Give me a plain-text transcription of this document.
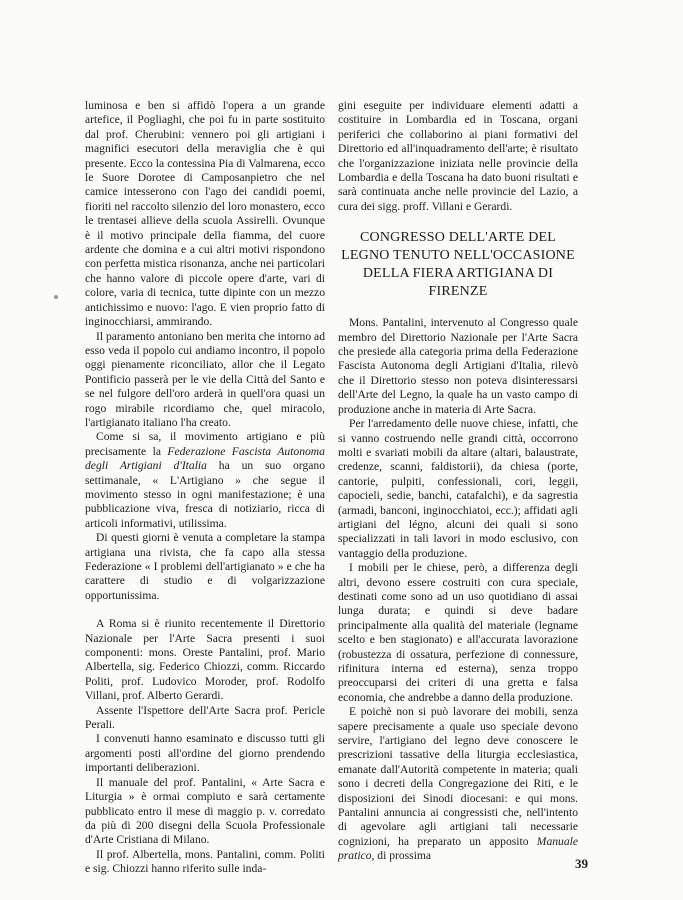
luminosa e ben si affidò l'opera a un grande artefice, il Pogliaghi, che poi fu in parte sostituito dal prof. Cherubini: vennero poi gli artigiani i magnifici esecutori della meraviglia che è qui presente. Ecco la contessina Pia di Valmarena, ecco le Suore Dorotee di Camposanpietro che nel camice intesserono con l'ago dei candidi poemi, fioriti nel raccolto silenzio del loro monastero, ecco le trentasei allieve della scuola Assirelli. Ovunque è il motivo principale della fiamma, del cuore ardente che domina e a cui altri motivi rispondono con perfetta mistica risonanza, anche nei particolari che hanno valore di piccole opere d'arte, vari di colore, varia di tecnica, tutte dipinte con un mezzo antichissimo e nuovo: l'ago. E vien proprio fatto di inginocchiarsi, ammirando.

Il paramento antoniano ben merita che intorno ad esso veda il popolo cui andiamo incontro, il popolo oggi pienamente riconciliato, allor che il Legato Pontificio passerà per le vie della Città del Santo e se nel fulgore dell'oro arderà in quell'ora quasi un rogo mirabile ricordiamo che, quel miracolo, l'artigianato italiano l'ha creato.

Come si sa, il movimento artigiano e più precisamente la Federazione Fascista Autonoma degli Artigiani d'Italia ha un suo organo settimanale, « L'Artigiano » che segue il movimento stesso in ogni manifestazione; è una pubblicazione viva, fresca di notiziario, ricca di articoli informativi, utilissima.

Di questi giorni è venuta a completare la stampa artigiana una rivista, che fa capo alla stessa Federazione « I problemi dell'artigianato » e che ha carattere di studio e di volgarizzazione opportunissima.

A Roma si è riunito recentemente il Direttorio Nazionale per l'Arte Sacra presenti i suoi componenti: mons. Oreste Pantalini, prof. Mario Albertella, sig. Federico Chiozzi, comm. Riccardo Politi, prof. Ludovico Moroder, prof. Rodolfo Villani, prof. Alberto Gerardi.

Assente l'Ispettore dell'Arte Sacra prof. Pericle Perali.

I convenuti hanno esaminato e discusso tutti gli argomenti posti all'ordine del giorno prendendo importanti deliberazioni.

Il manuale del prof. Pantalini, « Arte Sacra e Liturgia » è ormai compiuto e sarà certamente pubblicato entro il mese di maggio p. v. corredato da più di 200 disegni della Scuola Professionale d'Arte Cristiana di Milano.

Il prof. Albertella, mons. Pantalini, comm. Politi e sig. Chiozzi hanno riferito sulle inda-

gini eseguite per individuare elementi adatti a costituire in Lombardia ed in Toscana, organi periferici che collaborino ai piani formativi del Direttorio ed all'inquadramento dell'arte; è risultato che l'organizzazione iniziata nelle provincie della Lombardia e della Toscana ha dato buoni risultati e sarà continuata anche nelle provincie del Lazio, a cura dei sigg. proff. Villani e Gerardi.

CONGRESSO DELL'ARTE DEL LEGNO TENUTO NELL'OCCASIONE DELLA FIERA ARTIGIANA DI FIRENZE

Mons. Pantalini, intervenuto al Congresso quale membro del Direttorio Nazionale per l'Arte Sacra che presiede alla categoria prima della Federazione Fascista Autonoma degli Artigiani d'Italia, rilevò che il Direttorio stesso non poteva disinteressarsi dell'Arte del Legno, la quale ha un vasto campo di produzione anche in materia di Arte Sacra.

Per l'arredamento delle nuove chiese, infatti, che si vanno costruendo nelle grandi città, occorrono molti e svariati mobili da altare (altari, balaustrate, credenze, scanni, faldistorii), da chiesa (porte, cantorie, pulpiti, confessionali, cori, leggii, capocieli, sedie, banchi, catafalchi), e da sagrestia (armadi, banconi, inginocchiatoi, ecc.); affidati agli artigiani del légno, alcuni dei quali si sono specializzati in tali lavori in modo esclusivo, con vantaggio della produzione.

I mobili per le chiese, però, a differenza degli altri, devono essere costruiti con cura speciale, destinati come sono ad un uso quotidiano di assai lunga durata; e quindi si deve badare principalmente alla qualità del materiale (legname scelto e ben stagionato) e all'accurata lavorazione (robustezza di ossatura, perfezione di connessure, rifinitura interna ed esterna), senza troppo preoccuparsi dei criteri di una gretta e falsa economia, che andrebbe a danno della produzione.

E poichè non si può lavorare dei mobili, senza sapere precisamente a quale uso speciale devono servire, l'artigiano del legno deve conoscere le prescrizioni tassative della liturgia ecclesiastica, emanate dall'Autorità competente in materia; quali sono i decreti della Congregazione dei Riti, e le disposizioni dei Sinodi diocesani: e qui mons. Pantalini annuncia ai congressisti che, nell'intento di agevolare agli artigiani tali necessarie cognizioni, ha preparato un apposito Manuale pratico, di prossima

39
